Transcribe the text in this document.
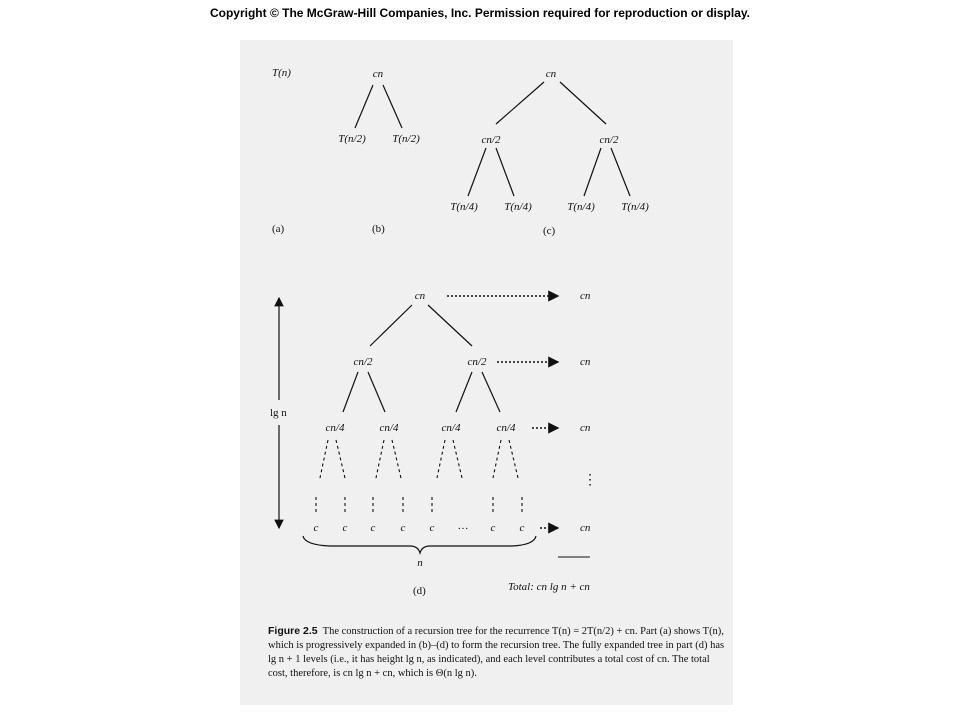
Copyright © The McGraw-Hill Companies, Inc. Permission required for reproduction or display.
T(n)
(a)
cn
T(n/2) T(n/2)
(b)
cn
cn/2	cn/2
T(n/4) T(n/4)	T(n/4) T(n/4)
(c)
lg n
cn
cn/2	cn/2
cn/4	cn/4	cn/4	cn/4
c c c c c … c c
n
cn
cn
cn
⋮
cn
Total: cn lg n + cn
(d)
Figure 2.5 The construction of a recursion tree for the recurrence T(n) = 2T(n/2) + cn. Part (a) shows T(n), which is progressively expanded in (b)–(d) to form the recursion tree. The fully expanded tree in part (d) has lg n + 1 levels (i.e., it has height lg n, as indicated), and each level contributes a total cost of cn. The total cost, therefore, is cn lg n + cn, which is Θ(n lg n).
